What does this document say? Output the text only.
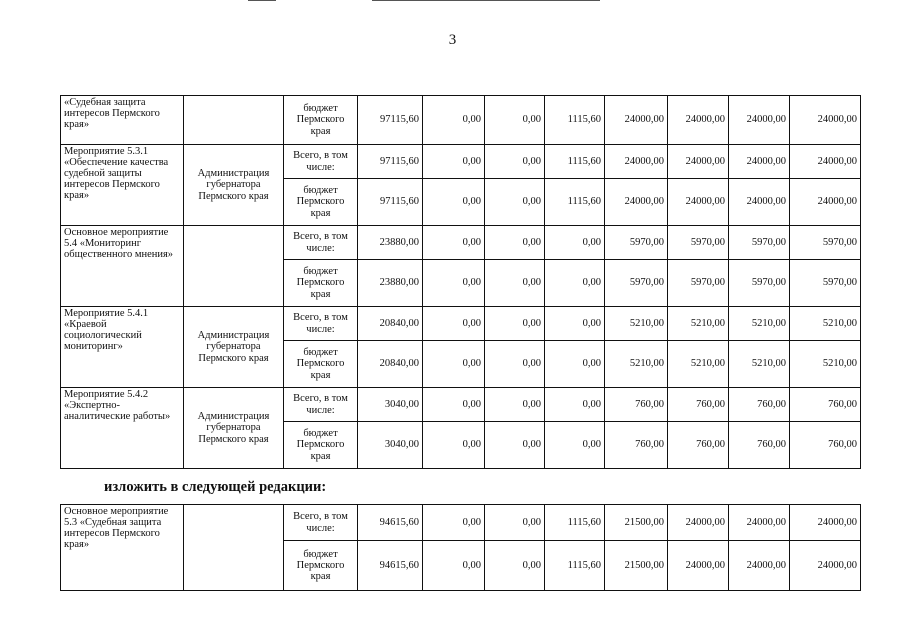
3
«Судебная защита интересов Пермского края»		бюджет Пермского края	97115,60	0,00	0,00	1115,60	24000,00	24000,00	24000,00	24000,00
Мероприятие 5.3.1 «Обеспечение качества судебной защиты интересов Пермского края»	Администрация губернатора Пермского края	Всего, в том числе:	97115,60	0,00	0,00	1115,60	24000,00	24000,00	24000,00	24000,00
		бюджет Пермского края	97115,60	0,00	0,00	1115,60	24000,00	24000,00	24000,00	24000,00
Основное мероприятие 5.4 «Мониторинг общественного мнения»		Всего, в том числе:	23880,00	0,00	0,00	0,00	5970,00	5970,00	5970,00	5970,00
		бюджет Пермского края	23880,00	0,00	0,00	0,00	5970,00	5970,00	5970,00	5970,00
Мероприятие 5.4.1 «Краевой социологический мониторинг»	Администрация губернатора Пермского края	Всего, в том числе:	20840,00	0,00	0,00	0,00	5210,00	5210,00	5210,00	5210,00
		бюджет Пермского края	20840,00	0,00	0,00	0,00	5210,00	5210,00	5210,00	5210,00
Мероприятие 5.4.2 «Экспертно-аналитические работы»	Администрация губернатора Пермского края	Всего, в том числе:	3040,00	0,00	0,00	0,00	760,00	760,00	760,00	760,00
		бюджет Пермского края	3040,00	0,00	0,00	0,00	760,00	760,00	760,00	760,00
изложить в следующей редакции:
Основное мероприятие 5.3 «Судебная защита интересов Пермского края»		Всего, в том числе:	94615,60	0,00	0,00	1115,60	21500,00	24000,00	24000,00	24000,00
		бюджет Пермского края	94615,60	0,00	0,00	1115,60	21500,00	24000,00	24000,00	24000,00
